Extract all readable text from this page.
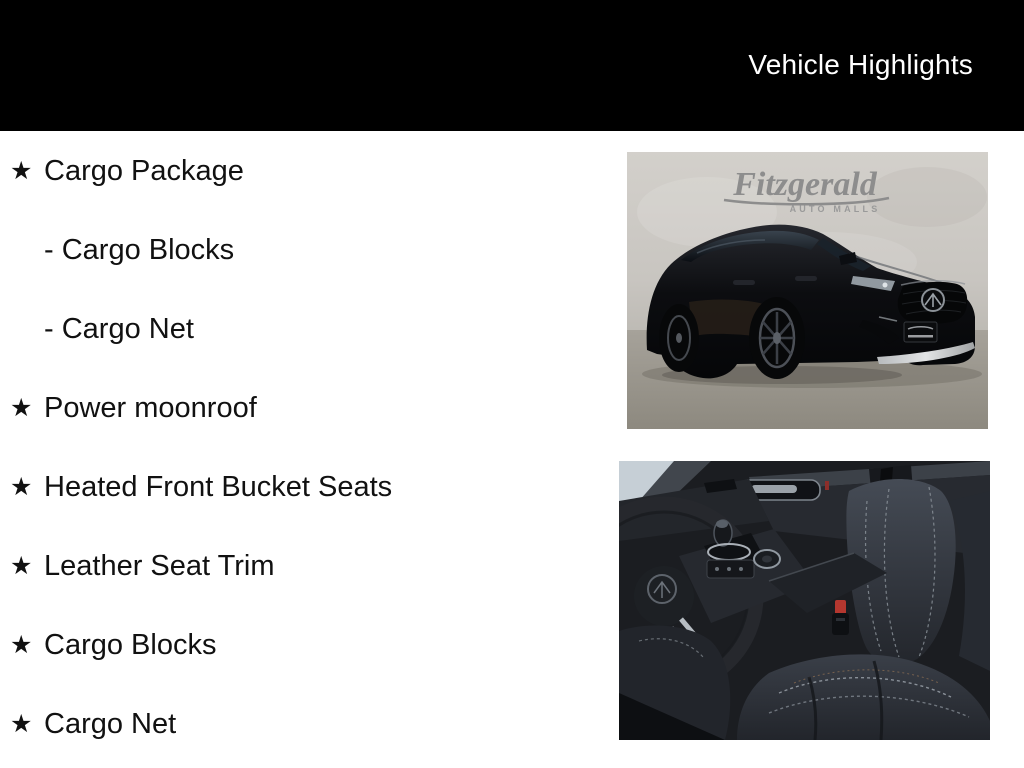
Vehicle Highlights
★ Cargo Package
- Cargo Blocks
- Cargo Net
★ Power moonroof
★ Heated Front Bucket Seats
★ Leather Seat Trim
★ Cargo Blocks
★ Cargo Net
Fitzgerald
AUTO MALLS
